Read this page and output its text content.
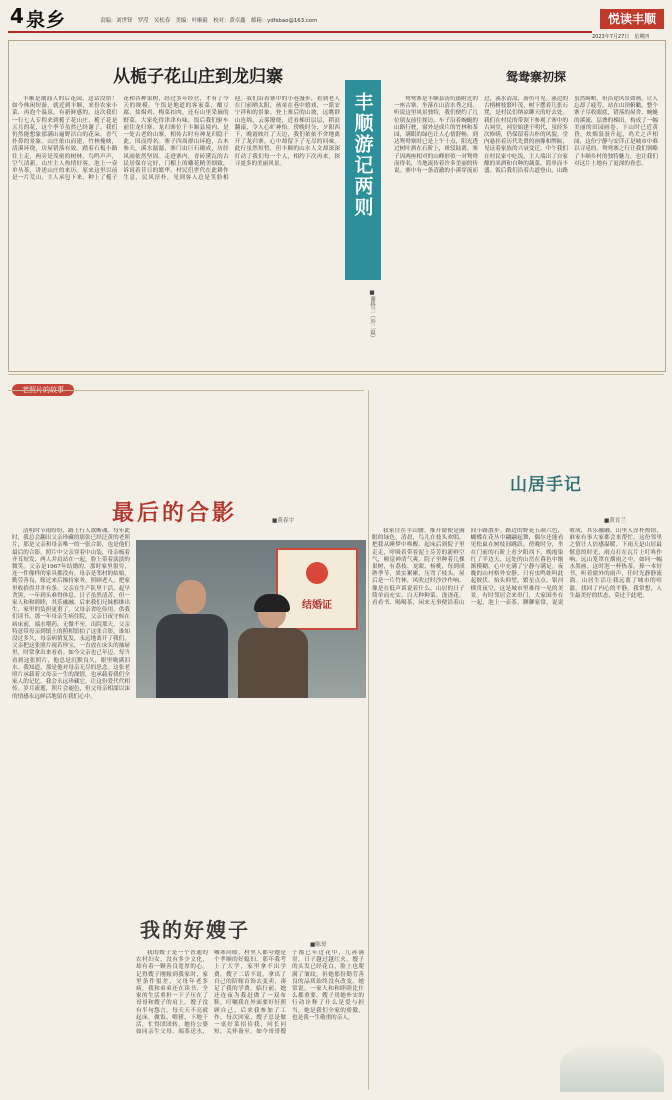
4 泉乡	责编：刘世铎　罗滢　吴松春　美编：叶顺毅　校对：黄卓鑫　邮箱：ydfsbao@163.com	悦读丰顺
2023年7月27日　星期四
从栀子花山庄到龙归寨

丰顺是潮汕人的后花园，这话没错！如今休闲短游，就近到丰顺，来份农家小菜，再泡个温泉，有新鲜感的。这次我们一行七人专程来到栀子花山庄，栀子花是五月的花，这个季节虽然已经谢了，我们仍然能想象那满山遍野洁白的花朵，香气扑鼻的景象。山庄依山而建，竹林掩映，清溪环绕，房屋错落有致。踏着石板小路往上走，两旁是茂密的树林，鸟鸣声声，空气清新。山庄主人热情好客，泡上一壶单丛茶，讲述山庄的来历。原来这里以前是一片荒山，主人承包下来，种上了栀子花和各种果树，经过多年经营，才有了今天的规模。午饭是地道的客家菜，酿豆腐、盐焗鸡、梅菜扣肉，还有山里采摘的野菜，大家吃得津津有味。饭后我们驱车前往龙归寨。龙归寨位于丰顺县境内，是一处古老的山寨，相传古时有神龙归隐于此，因而得名。寨子四周群山环抱，古木参天，溪水潺潺，寨门由巨石砌成，历经风雨依然坚固。走进寨内，青砖黛瓦的古民居保存完好，门楣上的雕花精美细致，诉说着昔日的繁华。村民们世代在此耕作生息，民风淳朴，见到客人总是笑脸相迎。我们沿着寨中的小巷漫步，看到老人在门前晒太阳，孩童在巷中嬉戏，一派安宁祥和的景象。登上寨后的山坡，远眺群山连绵，云雾缭绕，近看梯田层层，稻浪翻滚，令人心旷神怡。傍晚时分，夕阳西下，晚霞映红了天边，我们依依不舍地离开了龙归寨，心中却留下了无尽的回味。此行虽然短暂，但丰顺的山水人文却深深打动了我们每一个人，相约下次再来，探寻更多的美丽风景。	丰顺游记两则
■谢桥兰（外二篇）
鸳鸯寨初探

鸳鸯寨是丰顺县汤坑镇附近的一座古寨，坐落在山清水秀之间。听说这里风景独特，我们便约了几位朋友前往探访。车子沿着蜿蜒的山路行驶，窗外是成片的竹林和茶园，满眼的绿色让人心情舒畅。到达鸳鸯寨时已是上午十点，阳光透过树叶洒在石阶上，斑驳陆离。寨子因两座相对的山峰形似一对鸳鸯而得名，当地流传着许多美丽的传说。寨中有一条清澈的小溪穿流而过，溪水清凉，游鱼可见。溪边的古榕树枝繁叶茂，树下摆着几张石凳，是村民们纳凉聊天的好去处。我们在村民的带领下参观了寨中的古祠堂，祠堂始建于明代，虽经多次修缮，仍保留着古朴的风貌。堂内悬挂着历代先贤的画像和牌匾，见证着家族的兴衰变迁。中午我们在村民家中吃饭，主人端出了自家酿的米酒和自种的蔬菜，简单而丰盛。饭后我们沿着古道登山，山路虽然崎岖，但沿途风景如画，让人忘却了疲劳。站在山顶俯瞰，整个寨子尽收眼底，错落的屋舍、蜿蜒的溪流、层叠的梯田，构成了一幅美丽的田园画卷。下山时已近黄昏，炊烟袅袅升起，鸡犬之声相闻，这份宁静与安详正是城市中难以寻觅的。鸳鸯寨之行让我们领略了丰顺乡村的独特魅力，也让我们对这片土地有了更深的眷恋。

老照片的故事
最后的合影	■黄春宇
结婚证

清明时节雨纷纷，路上行人欲断魂。每年此时，我总会翻出父亲珍藏的那张已经泛黄的老照片，那是父亲和母亲唯一的一张合影，也是他们最后的合影。照片中父亲穿着中山装，母亲梳着齐耳短发，两人并肩站在一起，脸上带着淡淡的微笑。父亲是1967年结婚的，那时家里很穷，连一件像样的家具都没有。母亲是邻村的姑娘，勤劳善良，嫁过来后操持家务，照顾老人，把家里收拾得井井有条。父亲在生产队里干活，起早贪黑，一年到头难得休息。日子虽然清苦，但一家人和和睦睦，其乐融融。后来我们兄妹相继出生，家里的负担更重了，父母亲省吃俭用，供我们读书。那一年母亲生病住院，父亲日夜守候在病床前，端水喂药，无微不至。出院那天，父亲特意带母亲到镇上的照相馆拍了这张合影。谁知没过多久，母亲病情复发，永远地离开了我们。父亲把这张照片视若珍宝，一直放在床头的抽屉里，时常拿出来看看。如今父亲也已年迈，每当看到这张照片，他总是沉默良久，眼里噙满泪水。我知道，那是他对母亲无尽的思念。这张老照片承载着父母亲一生的深情，也承载着我们全家人的记忆，我会永远珍藏它，让这份爱代代相传。岁月流逝，照片会褪色，但父母亲相濡以沫的情感永远鲜活地留在我们心中。

山居手记
■黄育兰

我家住在半山腰，推开窗便是满眼的绿色。清晨，鸟儿在枝头欢唱，把我从睡梦中唤醒。起床后到院子里走走，呼吸着带着泥土芬芳的新鲜空气，顿觉神清气爽。院子里种着几棵果树，有荔枝、龙眼、杨桃，每到成熟季节，果实累累，压弯了枝头。屋后是一片竹林，风吹过时沙沙作响，像是在低声诉说着什么。山居的日子简单而充实。白天种种菜、浇浇花，看看书、喝喝茶，闲来无事便沿着山间小路散步。路边的野花五颜六色，蝴蝶在花丛中翩翩起舞，偶尔还能看见松鼠在树枝间跳跃。傍晚时分，坐在门前的石阶上看夕阳西下，晚霞染红了半边天，远处的山峦在暮色中渐渐模糊，心中充满了宁静与满足。夜晚的山村格外安静，只有虫鸣蛙叫此起彼伏。抬头仰望，繁星点点，银河横贯夜空，这是城市里难得一见的美景。有时邻居会来串门，大家围坐在一起，泡上一壶茶，聊聊家常，说说收成，其乐融融。山里人淳朴热情，谁家有事大家都会来帮忙，这份邻里之情让人倍感温暖。下雨天是山居最惬意的时光，雨点打在瓦片上叮咚作响，远山笼罩在烟雨之中，如同一幅水墨画。这时泡一杯热茶，捧一本好书，听着窗外的雨声，任时光静静流淌。山居生活让我远离了城市的喧嚣，找回了内心的平静。我常想，人生最美好的状态，莫过于此吧。

我的好嫂子
■陈哥

我的嫂子是一个普通的农村妇女，没有多少文化，却有着一颗善良宽厚的心。记得嫂子刚嫁到我家时，家里条件很差，父母年老多病，我和弟弟还在读书，全家的生活重担一下子压在了哥哥和嫂子的肩上。嫂子没有半句怨言，每天天不亮就起床，做饭、喂猪、下地干活，忙得团团转。她待公婆如同亲生父母，端茶送水，嘘寒问暖，村里人都夸她是个孝顺的好媳妇。那年我考上了大学，家里拿不出学费，嫂子二话不说，拿出了自己的陪嫁首饰去变卖，凑足了我的学费。临行前，她还连夜为我赶做了一双布鞋，叮嘱我在外面要好好照顾自己。后来我参加了工作，每次回家，嫂子总是做一桌好菜招待我，问长问短，关怀备至。如今哥哥嫂子都已年过花甲，儿孙满堂，日子越过越红火。嫂子的头发已经花白，脸上也爬满了皱纹，但她那份勤劳善良的品质始终没有改变。她常说，一家人和和睦睦比什么都重要。嫂子用她朴实的行动诠释了什么是爱与担当，她是我们全家的骄傲，也是我一生敬重的亲人。
